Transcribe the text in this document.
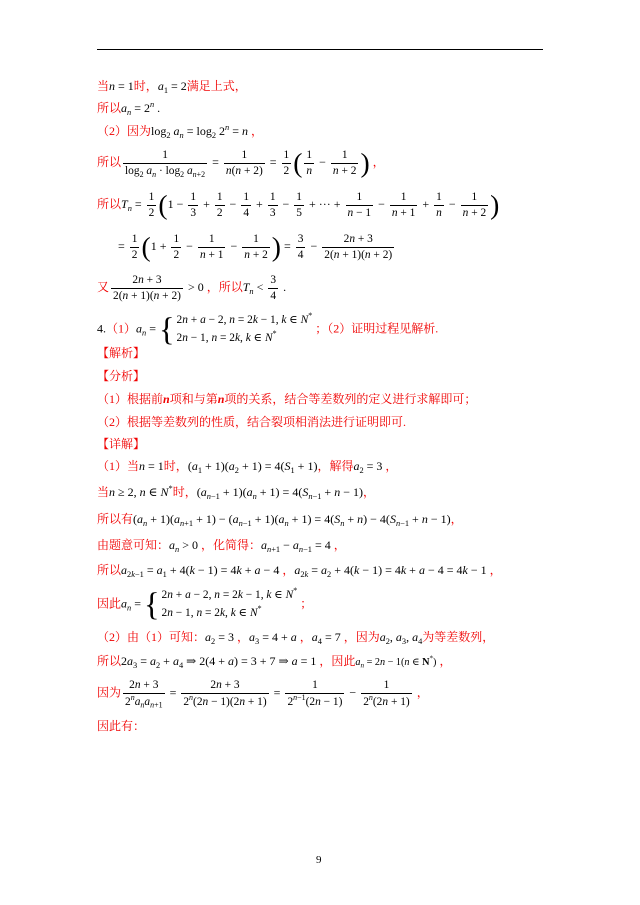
9
当n = 1时，$a_1 = 2$满足上式，
所以$a_n = 2^n$ .
（2）因为$\log_2 a_n = \log_2 2^n = n$ ，
所以 $\frac{1}{\log_2 a_n \cdot \log_2 a_{n+2}} = \frac{1}{n(n + 2)} = \frac{1}{2}$ ( $\frac{1}{n} - \frac{1}{n + 2}$ ) ，
所以$T_n = \frac{1}{2}$ ( $1 - \frac{1}{3} + \frac{1}{2} - \frac{1}{4} + \frac{1}{3} - \frac{1}{5}$ + ··· + $\frac{1}{n - 1} - \frac{1}{n + 1} + \frac{1}{n} - \frac{1}{n + 2}$ )
= $\frac{1}{2}$ ( $1 + \frac{1}{2} - \frac{1}{n + 1} - \frac{1}{n + 2}$ ) = $\frac{3}{4} - \frac{2n + 3}{2(n + 1)(n + 2)}$
又 $\frac{2n + 3}{2(n + 1)(n + 2)} > 0$ ，所以$T_n < \frac{3}{4}$ .
$4.(1)a_n$ = { 2n + a − 2, n = 2k − 1, k ∈ N*
2n − 1, n = 2k, k ∈ N*	；（2）证明过程见解析.
【解析】
【分析】
（1）根据前n项和与第n项的关系，结合等差数列的定义进行求解即可；
（2）根据等差数列的性质，结合裂项相消法进行证明即可.
【详解】
（1）当n = 1时，$(a_1 + 1)(a_2 + 1) = 4(S_1 + 1)$，解得$a_2 = 3$ ，
当n ≥ 2, n ∈ N*时，$(a_{n-1} + 1)(a_n + 1) = 4(S_{n-1} + n - 1)$，
所以有$(a_n + 1)(a_{n+1} + 1) - (a_{n-1} + 1)(a_n + 1) = 4(S_n + n) - 4(S_{n-1} + n - 1)$，
由题意可知：$a_n > 0$ ，化简得：$a_{n+1} - a_{n-1} = 4$ ，
所以$a_{2k-1} = a_1 + 4(k - 1) = 4k + a - 4$ ，$a_{2k} = a_2 + 4(k - 1) = 4k + a - 4 = 4k - 1$ ，
因此$a_n$ = { 2n + a − 2, n = 2k − 1, k ∈ N*
2n − 1, n = 2k, k ∈ N*	；
（2）由（1）可知：$a_2 = 3$ ，$a_3 = 4 + a$ ，$a_4 = 7$ ，因为$a_2$, $a_3$, $a_4$为等差数列，
所以$2a_3 = a_2 + a_4$ ⇒ 2(4 + a) = 3 + 7 ⇒ a = 1 ，因此$a_n = 2n - 1(n$ ∈ N*) ，
因为 $\frac{2n + 3}{2^na_na_{n+1}} = \frac{2n + 3}{2^n(2n - 1)(2n + 1)} = \frac{1}{2^{n-1}(2n - 1)} - \frac{1}{2^n(2n + 1)}$ ，
因此有：
